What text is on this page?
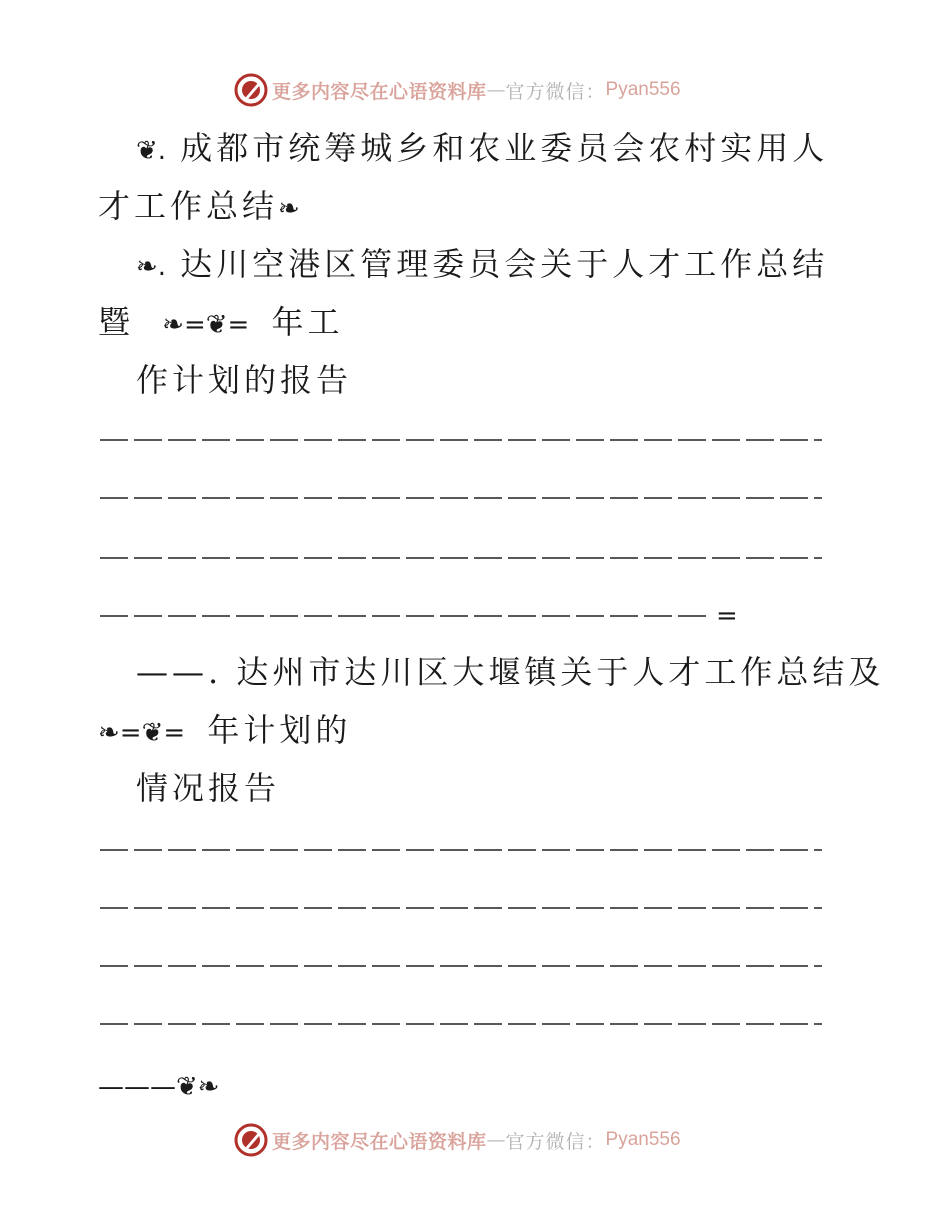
更多内容尽在心语资料库 — 官方微信： Pyan556
❦. 成都市统筹城乡和农业委员会农村实用人
才工作总结❧
❧. 达川空港区管理委员会关于人才工作总结
暨 ❧=❦= 年工
作计划的报告
=
——. 达州市达川区大堰镇关于人才工作总结及
❧=❦= 年计划的
情况报告
———❦❧
更多内容尽在心语资料库 — 官方微信： Pyan556
